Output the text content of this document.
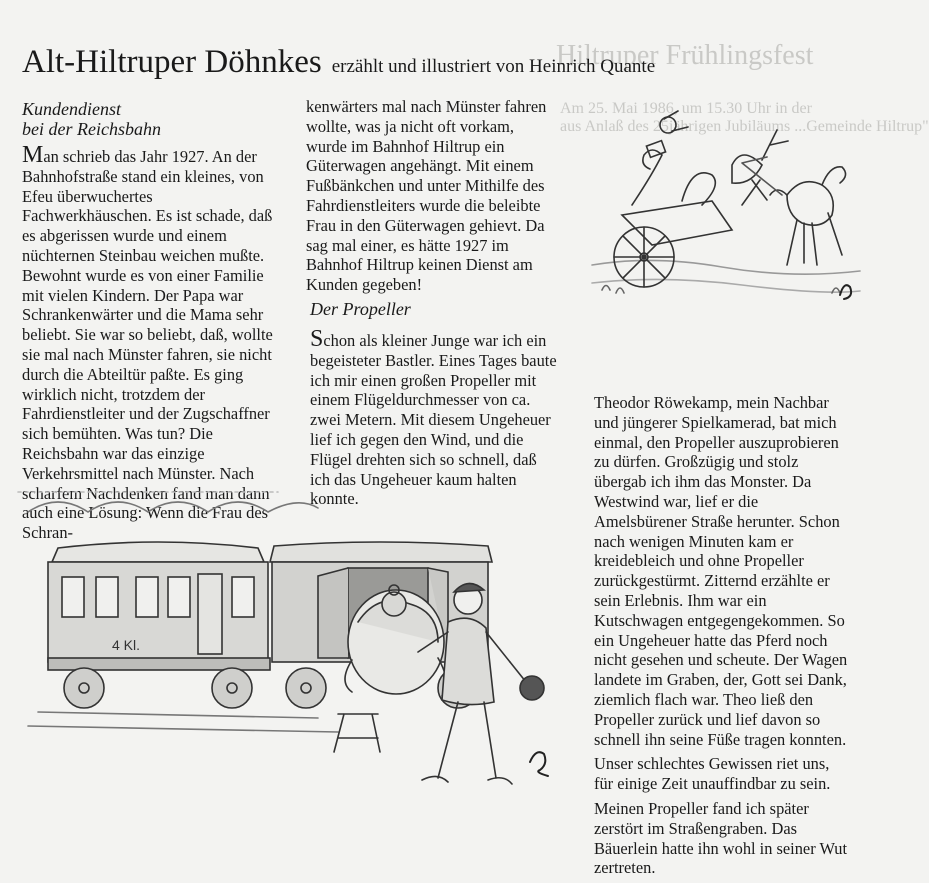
Hiltruper Frühlingsfest
Am 25. Mai 1986, um 15.30 Uhr in der
aus Anlaß des 25jährigen Jubiläums ...Gemeinde Hiltrup"
Alt-Hiltruper Döhnkes erzählt und illustriert von Heinrich Quante
Kundendienst
bei der Reichsbahn
Man schrieb das Jahr 1927. An der Bahnhofstraße stand ein kleines, von Efeu überwuchertes Fachwerkhäuschen. Es ist schade, daß es abgerissen wurde und einem nüchternen Steinbau weichen mußte. Bewohnt wurde es von einer Familie mit vielen Kindern. Der Papa war Schrankenwärter und die Mama sehr beliebt. Sie war so beliebt, daß, wollte sie mal nach Münster fahren, sie nicht durch die Abteiltür paßte. Es ging wirklich nicht, trotzdem der Fahrdienstleiter und der Zugschaffner sich bemühten. Was tun? Die Reichsbahn war das einzige Verkehrsmittel nach Münster. Nach scharfem Nachdenken fand man dann auch eine Lösung: Wenn die Frau des Schran-
kenwärters mal nach Münster fahren wollte, was ja nicht oft vorkam, wurde im Bahnhof Hiltrup ein Güterwagen angehängt. Mit einem Fußbänkchen und unter Mithilfe des Fahrdienstleiters wurde die beleibte Frau in den Güterwagen gehievt. Da sag mal einer, es hätte 1927 im Bahnhof Hiltrup keinen Dienst am Kunden gegeben!
Der Propeller
Schon als kleiner Junge war ich ein begeisteter Bastler. Eines Tages baute ich mir einen großen Propeller mit einem Flügeldurchmesser von ca. zwei Metern. Mit diesem Ungeheuer lief ich gegen den Wind, und die Flügel drehten sich so schnell, daß ich das Ungeheuer kaum halten konnte.

Theodor Röwekamp, mein Nachbar und jüngerer Spielkamerad, bat mich einmal, den Propeller auszuprobieren zu dürfen. Großzügig und stolz übergab ich ihm das Monster. Da Westwind war, lief er die Amelsbürener Straße herunter. Schon nach wenigen Minuten kam er kreidebleich und ohne Propeller zurückgestürmt. Zitternd erzählte er sein Erlebnis. Ihm war ein Kutschwagen entgegengekommen. So ein Ungeheuer hatte das Pferd noch nicht gesehen und scheute. Der Wagen landete im Graben, der, Gott sei Dank, ziemlich flach war. Theo ließ den Propeller zurück und lief davon so schnell ihn seine Füße tragen konnten.

Unser schlechtes Gewissen riet uns, für einige Zeit unauffindbar zu sein.

Meinen Propeller fand ich später zerstört im Straßengraben. Das Bäuerlein hatte ihn wohl in seiner Wut zertreten.

4 Kl.
